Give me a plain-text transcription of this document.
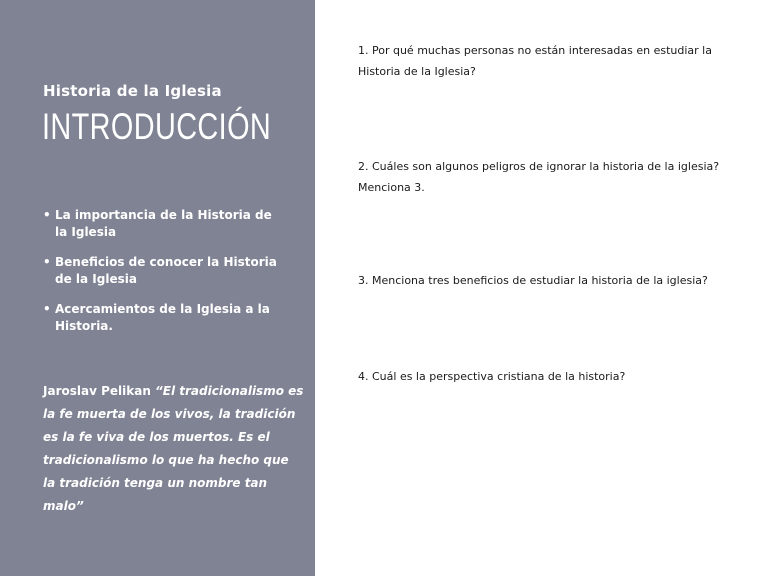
Historia de la Iglesia
INTRODUCCIÓN
• La importancia de la Historia de la Iglesia
• Beneficios de conocer la Historia de la Iglesia
• Acercamientos de la Iglesia a la Historia.

Jaroslav Pelikan “El tradicionalismo es la fe muerta de los vivos, la tradición es la fe viva de los muertos. Es el tradicionalismo lo que ha hecho que la tradición tenga un nombre tan malo”

1. Por qué muchas personas no están interesadas en estudiar la Historia de la Iglesia?

2. Cuáles son algunos peligros de ignorar la historia de la iglesia? Menciona 3.

3. Menciona tres beneficios de estudiar la historia de la iglesia?

4. Cuál es la perspectiva cristiana de la historia?
